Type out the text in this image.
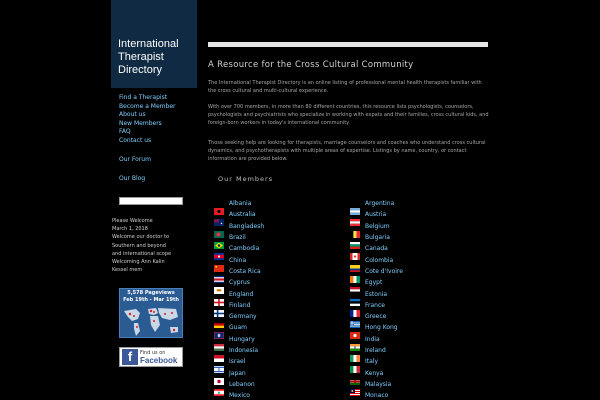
International Therapist Directory
Find a Therapist
Become a Member
About us
New Members
FAQ
Contact us
Our Forum
Our Blog
Please Welcome
March 1, 2018
Welcome our doctor to
Southern and beyond
and international scope
Welcoming Ann Kalin
Kessel mem
5,578 Pageviews
Feb 19th - Mar 19th
f	Find us on
Facebook
A Resource for the Cross Cultural Community
The International Therapist Directory is an online listing of professional mental health therapists familiar with the cross cultural and multi-cultural experience.
With over 700 members, in more than 80 different countries, this resource lists psychologists, counselors, psychologists and psychiatrists who specialize in working with expats and their families, cross cultural kids, and foreign-born workers in today's international community.
Those seeking help are looking for therapists, marriage counselors and coaches who understand cross cultural dynamics, and psychotherapists with multiple areas of expertise. Listings by name, country, or contact information are provided below.
Our Members
Albania
Australia
Bangladesh
Brazil
Cambodia
China
Costa Rica
Cyprus
England
Finland
Germany
Guam
Hungary
Indonesia
Israel
Japan
Lebanon
Mexico
Argentina
Austria
Belgium
Bulgaria
Canada
Colombia
Cote d'Ivoire
Egypt
Estonia
France
Greece
Hong Kong
India
Ireland
Italy
Kenya
Malaysia
Monaco
